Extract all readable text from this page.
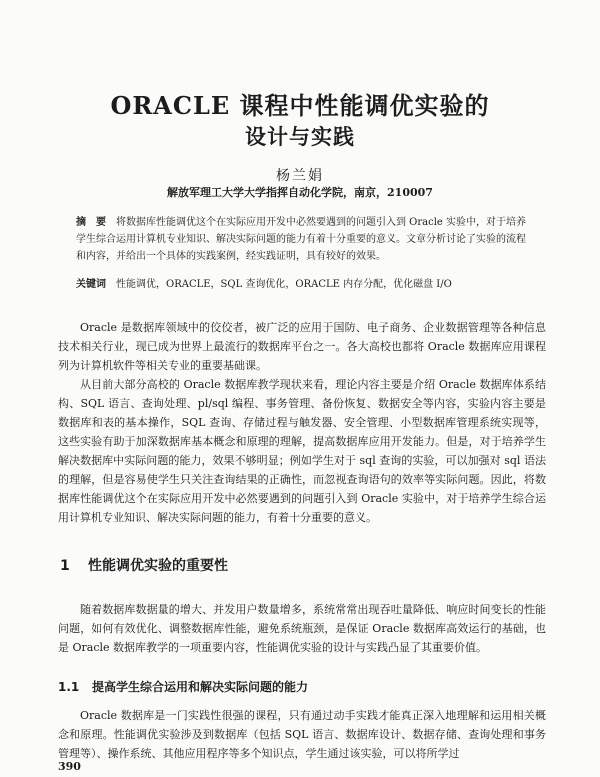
ORACLE 课程中性能调优实验的
设计与实践
杨兰娟
解放军理工大学大学指挥自动化学院，南京，210007

摘　要 将数据库性能调优这个在实际应用开发中必然要遇到的问题引入到 Oracle 实验中，对于培养学生综合运用计算机专业知识、解决实际问题的能力有着十分重要的意义。文章分析讨论了实验的流程和内容，并给出一个具体的实践案例，经实践证明，具有较好的效果。

关键词 性能调优，ORACLE，SQL 查询优化，ORACLE 内存分配，优化磁盘 I/O

Oracle 是数据库领域中的佼佼者，被广泛的应用于国防、电子商务、企业数据管理等各种信息技术相关行业，现已成为世界上最流行的数据库平台之一。各大高校也都将 Oracle 数据库应用课程列为计算机软件等相关专业的重要基础课。

从目前大部分高校的 Oracle 数据库教学现状来看，理论内容主要是介绍 Oracle 数据库体系结构、SQL 语言、查询处理、pl/sql 编程、事务管理、备份恢复、数据安全等内容，实验内容主要是数据库和表的基本操作，SQL 查询、存储过程与触发器、安全管理、小型数据库管理系统实现等，这些实验有助于加深数据库基本概念和原理的理解，提高数据库应用开发能力。但是，对于培养学生解决数据库中实际问题的能力，效果不够明显；例如学生对于 sql 查询的实验，可以加强对 sql 语法的理解，但是容易使学生只关注查询结果的正确性，而忽视查询语句的效率等实际问题。因此，将数据库性能调优这个在实际应用开发中必然要遇到的问题引入到 Oracle 实验中，对于培养学生综合运用计算机专业知识、解决实际问题的能力，有着十分重要的意义。

1 性能调优实验的重要性

随着数据库数据量的增大、并发用户数量增多，系统常常出现吞吐量降低、响应时间变长的性能问题，如何有效优化、调整数据库性能，避免系统瓶颈，是保证 Oracle 数据库高效运行的基础，也是 Oracle 数据库教学的一项重要内容，性能调优实验的设计与实践凸显了其重要价值。

1.1 提高学生综合运用和解决实际问题的能力

Oracle 数据库是一门实践性很强的课程，只有通过动手实践才能真正深入地理解和运用相关概念和原理。性能调优实验涉及到数据库（包括 SQL 语言、数据库设计、数据存储、查询处理和事务管理等）、操作系统、其他应用程序等多个知识点，学生通过该实验，可以将所学过

390
